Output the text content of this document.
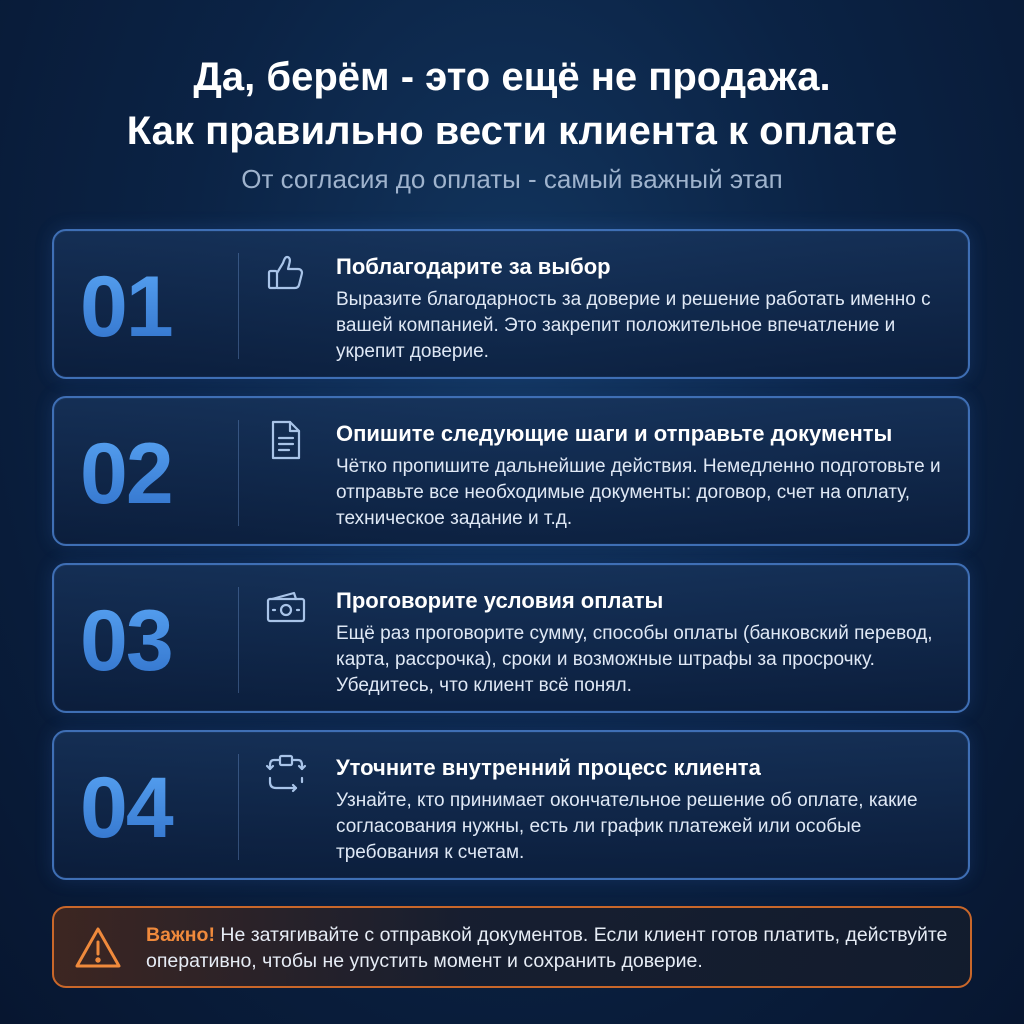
Да, берём - это ещё не продажа.
Как правильно вести клиента к оплате
От согласия до оплаты - самый важный этап
01	Поблагодарите за выбор
Выразите благодарность за доверие и решение работать именно с вашей компанией. Это закрепит положительное впечатление и укрепит доверие.
02	Опишите следующие шаги и отправьте документы
Чётко пропишите дальнейшие действия. Немедленно подготовьте и отправьте все необходимые документы: договор, счет на оплату, техническое задание и т.д.
03	Проговорите условия оплаты
Ещё раз проговорите сумму, способы оплаты (банковский перевод, карта, рассрочка), сроки и возможные штрафы за просрочку. Убедитесь, что клиент всё понял.
04	Уточните внутренний процесс клиента
Узнайте, кто принимает окончательное решение об оплате, какие согласования нужны, есть ли график платежей или особые требования к счетам.
Важно! Не затягивайте с отправкой документов. Если клиент готов платить, действуйте оперативно, чтобы не упустить момент и сохранить доверие.
